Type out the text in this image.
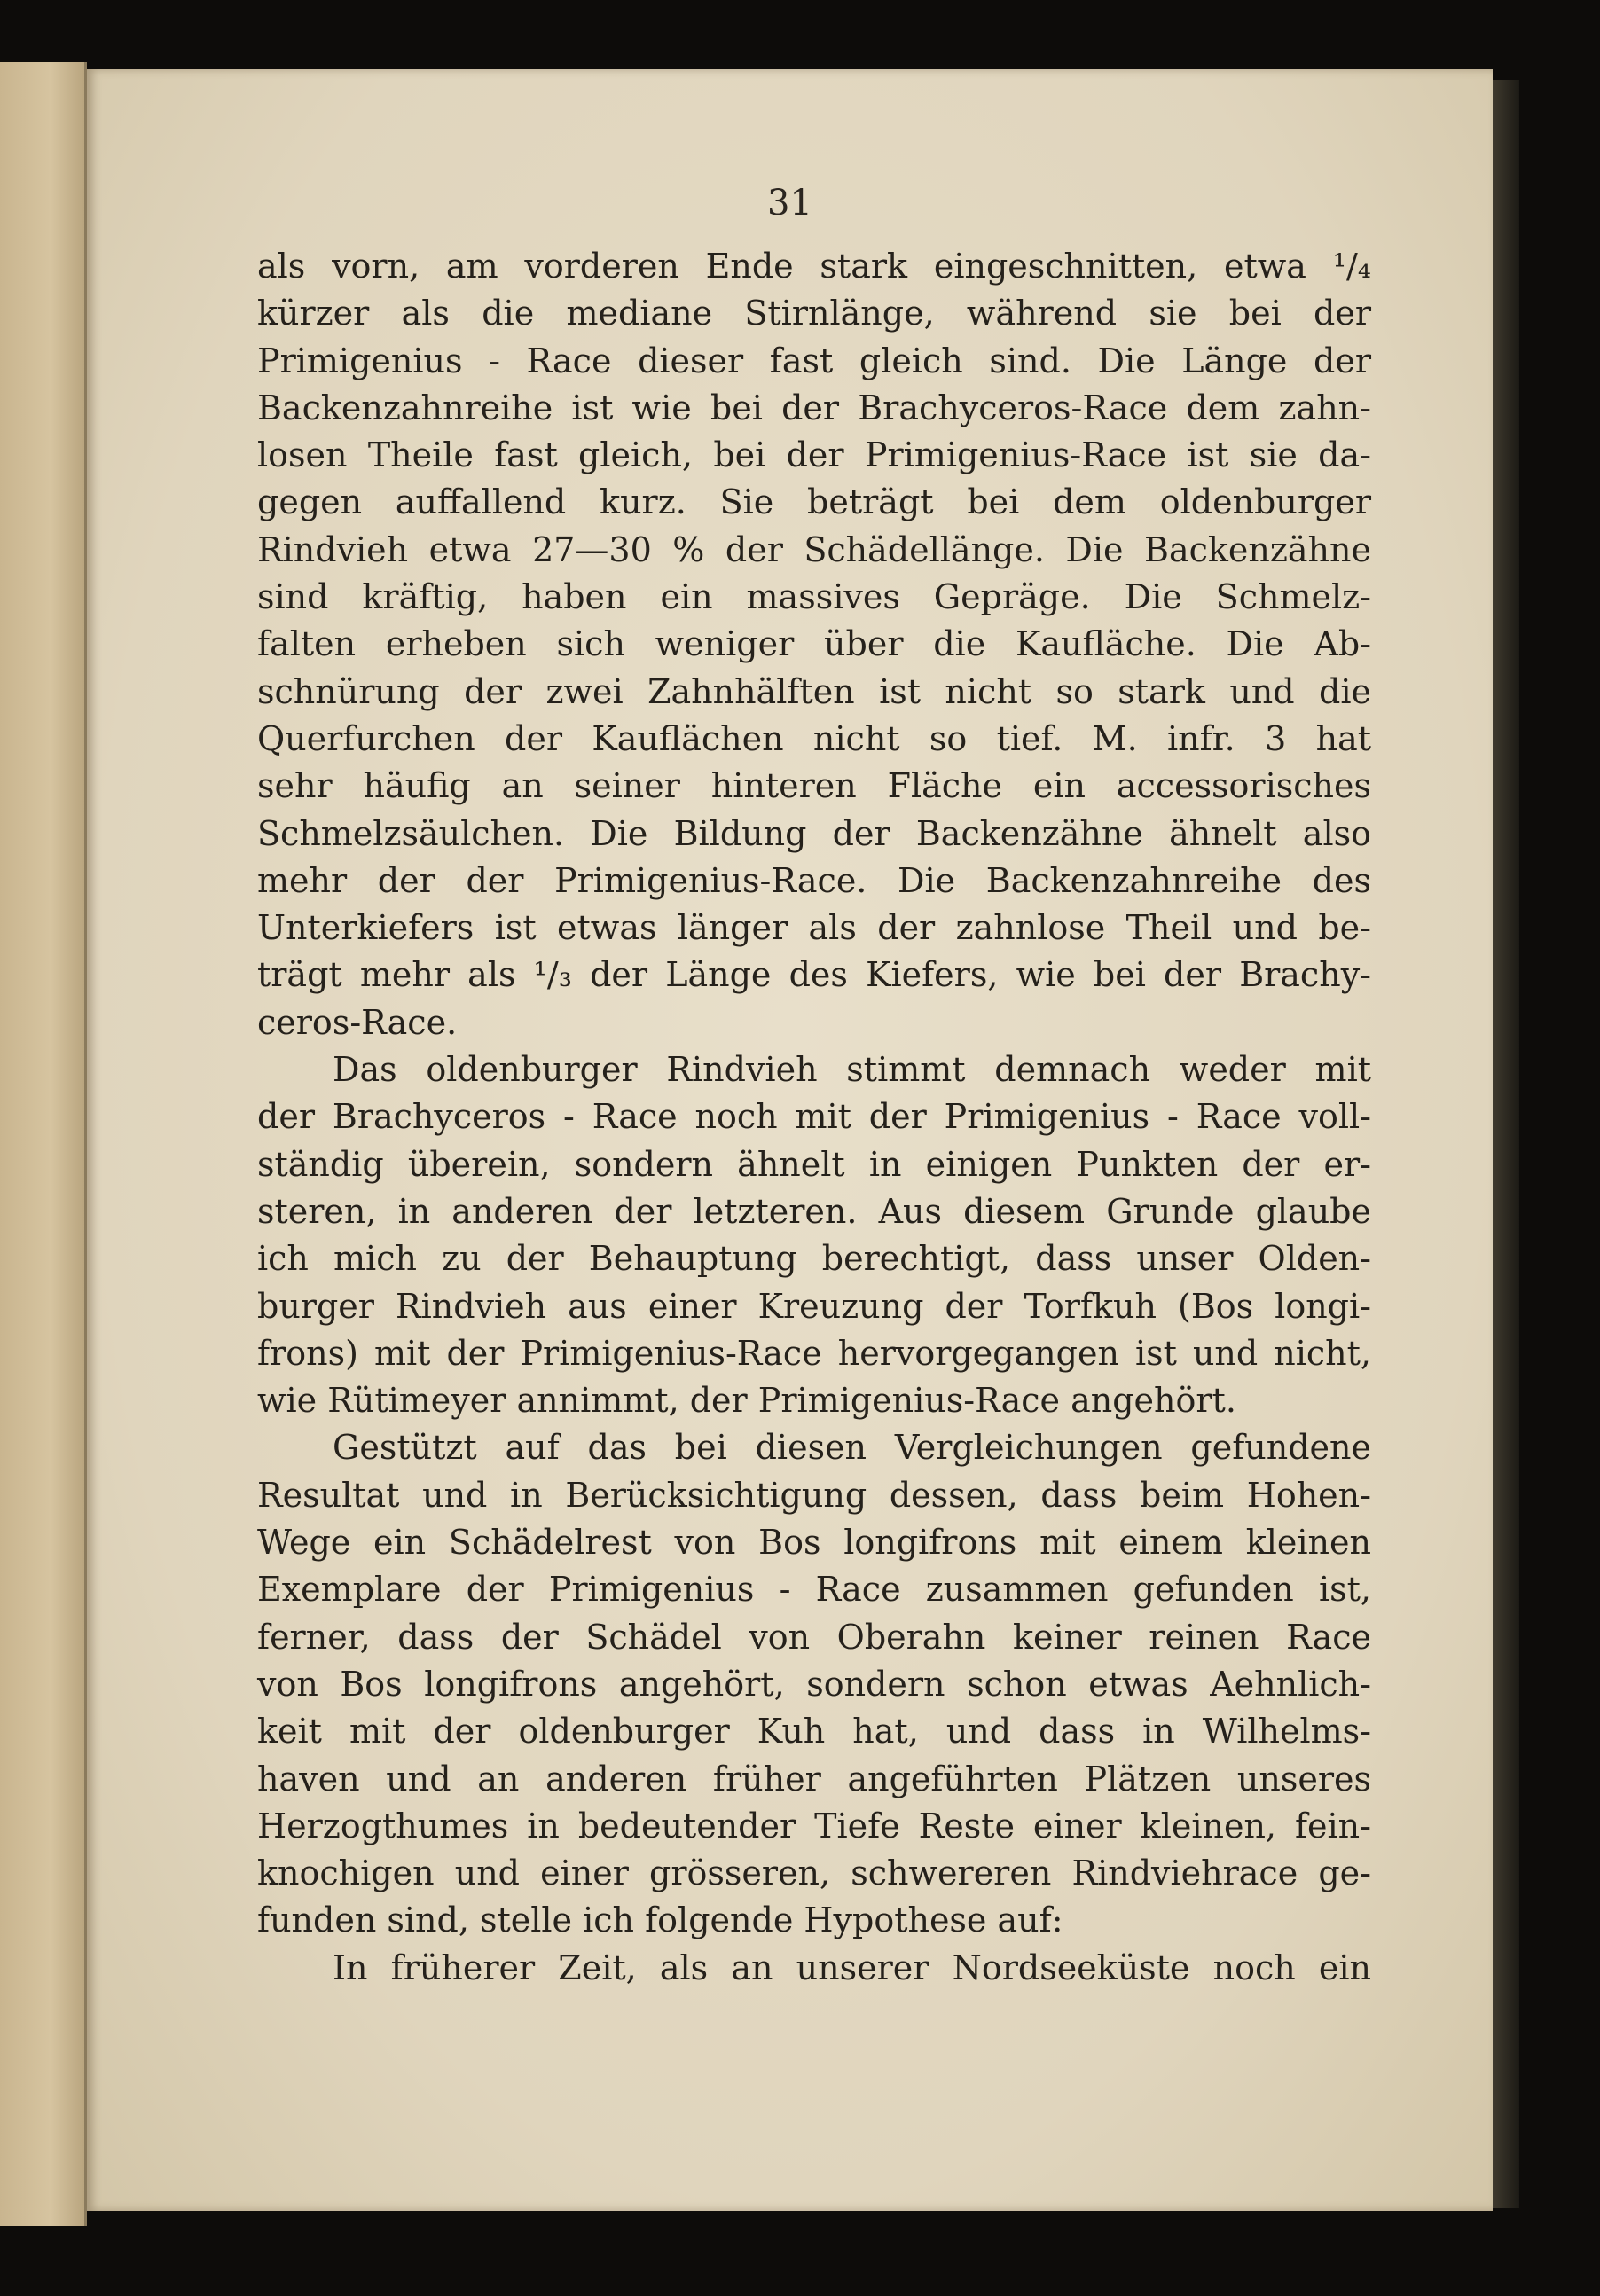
31
als vorn, am vorderen Ende stark eingeschnitten, etwa ¹/₄
kürzer als die mediane Stirnlänge, während sie bei der
Primigenius - Race dieser fast gleich sind. Die Länge der
Backenzahnreihe ist wie bei der Brachyceros-Race dem zahn-
losen Theile fast gleich, bei der Primigenius-Race ist sie da-
gegen auffallend kurz. Sie beträgt bei dem oldenburger
Rindvieh etwa 27—30 % der Schädellänge. Die Backenzähne
sind kräftig, haben ein massives Gepräge. Die Schmelz-
falten erheben sich weniger über die Kaufläche. Die Ab-
schnürung der zwei Zahnhälften ist nicht so stark und die
Querfurchen der Kauflächen nicht so tief. M. infr. 3 hat
sehr häufig an seiner hinteren Fläche ein accessorisches
Schmelzsäulchen. Die Bildung der Backenzähne ähnelt also
mehr der der Primigenius-Race. Die Backenzahnreihe des
Unterkiefers ist etwas länger als der zahnlose Theil und be-
trägt mehr als ¹/₃ der Länge des Kiefers, wie bei der Brachy-
ceros-Race.
Das oldenburger Rindvieh stimmt demnach weder mit
der Brachyceros - Race noch mit der Primigenius - Race voll-
ständig überein, sondern ähnelt in einigen Punkten der er-
steren, in anderen der letzteren. Aus diesem Grunde glaube
ich mich zu der Behauptung berechtigt, dass unser Olden-
burger Rindvieh aus einer Kreuzung der Torfkuh (Bos longi-
frons) mit der Primigenius-Race hervorgegangen ist und nicht,
wie Rütimeyer annimmt, der Primigenius-Race angehört.
Gestützt auf das bei diesen Vergleichungen gefundene
Resultat und in Berücksichtigung dessen, dass beim Hohen-
Wege ein Schädelrest von Bos longifrons mit einem kleinen
Exemplare der Primigenius - Race zusammen gefunden ist,
ferner, dass der Schädel von Oberahn keiner reinen Race
von Bos longifrons angehört, sondern schon etwas Aehnlich-
keit mit der oldenburger Kuh hat, und dass in Wilhelms-
haven und an anderen früher angeführten Plätzen unseres
Herzogthumes in bedeutender Tiefe Reste einer kleinen, fein-
knochigen und einer grösseren, schwereren Rindviehrace ge-
funden sind, stelle ich folgende Hypothese auf:
In früherer Zeit, als an unserer Nordseeküste noch ein
